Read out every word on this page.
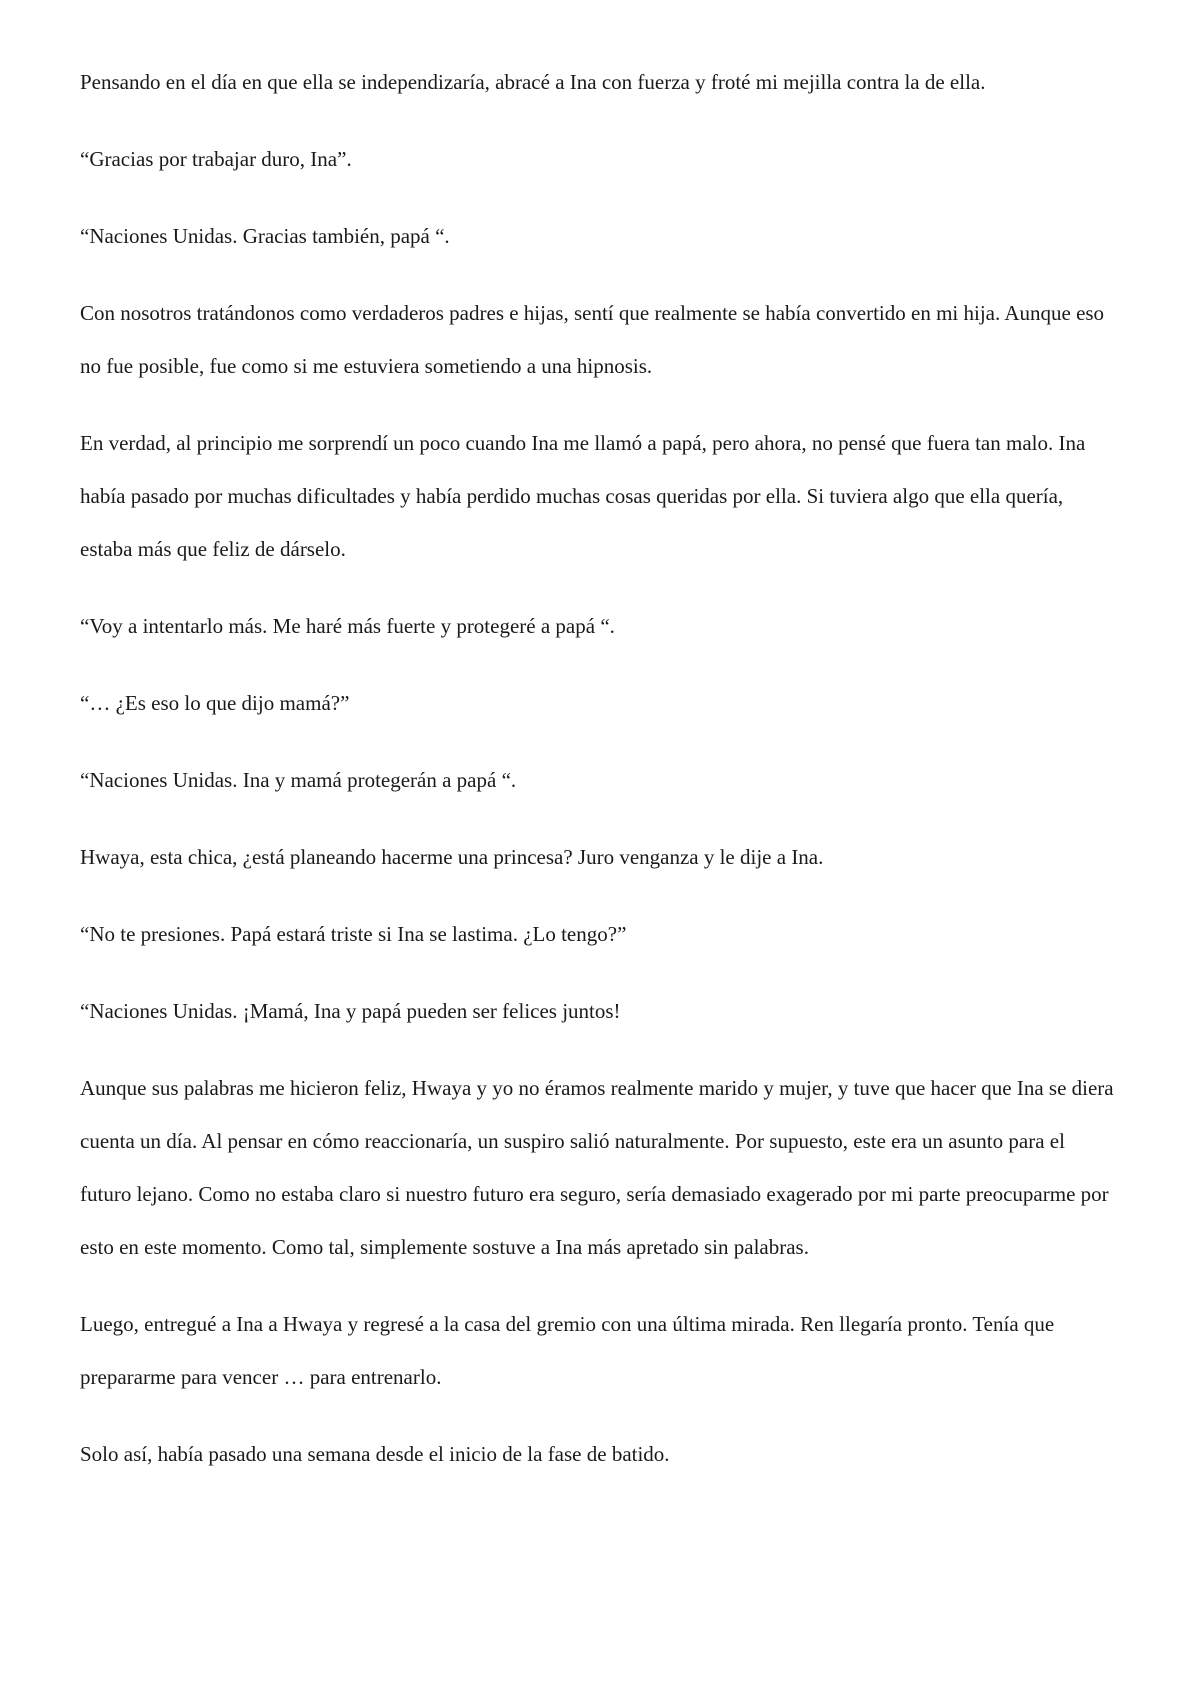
Pensando en el día en que ella se independizaría, abracé a Ina con fuerza y froté mi mejilla contra la de ella.

“Gracias por trabajar duro, Ina”.

“Naciones Unidas. Gracias también, papá “.

Con nosotros tratándonos como verdaderos padres e hijas, sentí que realmente se había convertido en mi hija. Aunque eso no fue posible, fue como si me estuviera sometiendo a una hipnosis.

En verdad, al principio me sorprendí un poco cuando Ina me llamó a papá, pero ahora, no pensé que fuera tan malo. Ina había pasado por muchas dificultades y había perdido muchas cosas queridas por ella. Si tuviera algo que ella quería, estaba más que feliz de dárselo.

“Voy a intentarlo más. Me haré más fuerte y protegeré a papá “.

“… ¿Es eso lo que dijo mamá?”

“Naciones Unidas. Ina y mamá protegerán a papá “.

Hwaya, esta chica, ¿está planeando hacerme una princesa? Juro venganza y le dije a Ina.

“No te presiones. Papá estará triste si Ina se lastima. ¿Lo tengo?”

“Naciones Unidas. ¡Mamá, Ina y papá pueden ser felices juntos!

Aunque sus palabras me hicieron feliz, Hwaya y yo no éramos realmente marido y mujer, y tuve que hacer que Ina se diera cuenta un día. Al pensar en cómo reaccionaría, un suspiro salió naturalmente. Por supuesto, este era un asunto para el futuro lejano. Como no estaba claro si nuestro futuro era seguro, sería demasiado exagerado por mi parte preocuparme por esto en este momento. Como tal, simplemente sostuve a Ina más apretado sin palabras.

Luego, entregué a Ina a Hwaya y regresé a la casa del gremio con una última mirada. Ren llegaría pronto. Tenía que prepararme para vencer … para entrenarlo.

Solo así, había pasado una semana desde el inicio de la fase de batido.
